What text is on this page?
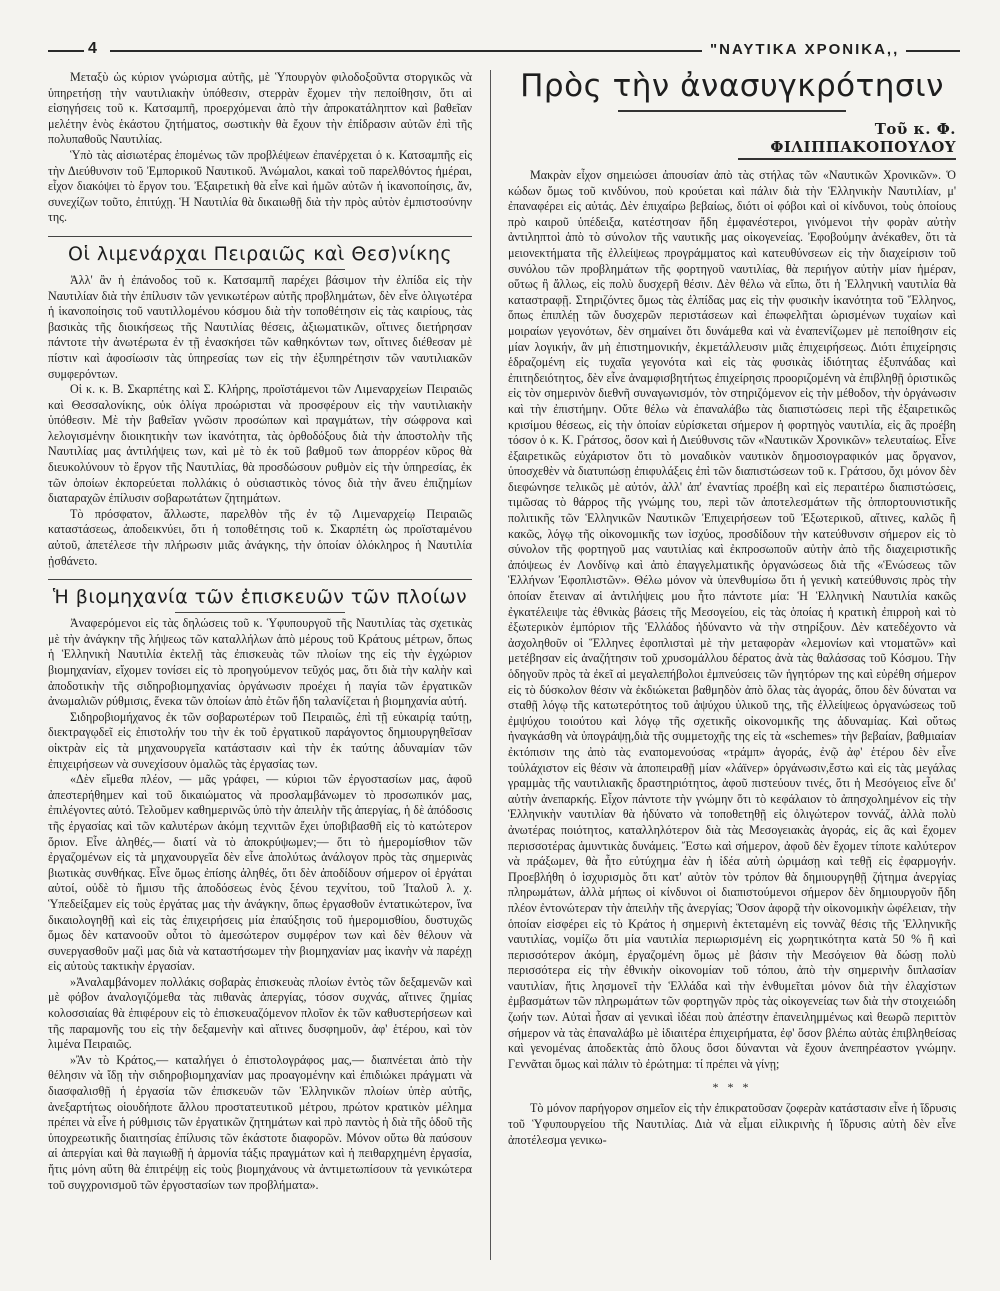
4	"ΝΑΥΤΙΚΑ ΧΡΟΝΙΚΑ,,

Μεταξὺ ὡς κύριον γνώρισμα αὐτῆς, μὲ Ὑπουργὸν φιλοδοξοῦντα στοργικῶς νὰ ὑπηρετήσῃ τὴν ναυτιλιακὴν ὑπόθεσιν, στερρὰν ἔχομεν τὴν πεποίθησιν, ὅτι αἱ εἰσηγήσεις τοῦ κ. Κατσαμπῆ, προερχόμεναι ἀπὸ τὴν ἀπροκατάληπτον καὶ βαθεῖαν μελέτην ἑνὸς ἑκάστου ζητήματος, σωστικὴν θὰ ἔχουν τὴν ἐπίδρασιν αὐτῶν ἐπὶ τῆς πολυπαθοῦς Ναυτιλίας.

Ὑπὸ τὰς αἰσιωτέρας ἑπομένως τῶν προβλέψεων ἐπανέρχεται ὁ κ. Κατσαμπῆς εἰς τὴν Διεύθυνσιν τοῦ Ἐμπορικοῦ Ναυτικοῦ. Ἀνώμαλοι, κακαὶ τοῦ παρελθόντος ἡμέραι, εἶχον διακόψει τὸ ἔργον του. Ἐξαιρετικὴ θὰ εἶνε καὶ ἡμῶν αὐτῶν ἡ ἱκανοποίησις, ἄν, συνεχίζων τοῦτο, ἐπιτύχῃ. Ἡ Ναυτιλία θὰ δικαιωθῇ διὰ τὴν πρὸς αὐτὸν ἐμπιστοσύνην της.

Οἱ λιμενάρχαι Πειραιῶς καὶ Θεσ)νίκης

Ἀλλ' ἂν ἡ ἐπάνοδος τοῦ κ. Κατσαμπῆ παρέχει βάσιμον τὴν ἐλπίδα εἰς τὴν Ναυτιλίαν διὰ τὴν ἐπίλυσιν τῶν γενικωτέρων αὐτῆς προβλημάτων, δὲν εἶνε ὀλιγωτέρα ἡ ἱκανοποίησις τοῦ ναυτιλλομένου κόσμου διὰ τὴν τοποθέτησιν εἰς τὰς καιρίους, τὰς βασικὰς τῆς διοικήσεως τῆς Ναυτιλίας θέσεις, ἀξιωματικῶν, οἵτινες διετήρησαν πάντοτε τὴν ἀνωτέρωτα ἐν τῇ ἐνασκήσει τῶν καθηκόντων των, οἵτινες διέθεσαν μὲ πίστιν καὶ ἀφοσίωσιν τὰς ὑπηρεσίας των εἰς τὴν ἐξυπηρέτησιν τῶν ναυτιλιακῶν συμφερόντων.

Οἱ κ. κ. Β. Σκαρπέτης καὶ Σ. Κλήρης, προϊστάμενοι τῶν Λιμεναρχείων Πειραιῶς καὶ Θεσσαλονίκης, οὐκ ὀλίγα προώρισται νὰ προσφέρουν εἰς τὴν ναυτιλιακὴν ὑπόθεσιν. Μὲ τὴν βαθεῖαν γνῶσιν προσώπων καὶ πραγμάτων, τὴν σώφρονα καὶ λελογισμένην διοικητικὴν των ἱκανότητα, τὰς ὀρθοδόξους διὰ τὴν ἀποστολὴν τῆς Ναυτιλίας μας ἀντιλήψεις των, καὶ μὲ τὸ ἐκ τοῦ βαθμοῦ των ἀπορρέον κῦρος θὰ διευκολύνουν τὸ ἔργον τῆς Ναυτιλίας, θὰ προσδώσουν ρυθμὸν εἰς τὴν ὑπηρεσίας, ἐκ τῶν ὁποίων ἐκπορεύεται πολλάκις ὁ οὐσιαστικὸς τόνος διὰ τὴν ἄνευ ἐπιζημίων διαταραχῶν ἐπίλυσιν σοβαρωτάτων ζητημάτων.

Τὸ πρόσφατον, ἄλλωστε, παρελθὸν τῆς ἐν τῷ Λιμεναρχείῳ Πειραιῶς καταστάσεως, ἀποδεικνύει, ὅτι ἡ τοποθέτησις τοῦ κ. Σκαρπέτη ὡς προϊσταμένου αὐτοῦ, ἀπετέλεσε τὴν πλήρωσιν μιᾶς ἀνάγκης, τὴν ὁποίαν ὁλόκληρος ἡ Ναυτιλία ᾐσθάνετο.

Ἡ βιομηχανία τῶν ἐπισκευῶν τῶν πλοίων

Ἀναφερόμενοι εἰς τὰς δηλώσεις τοῦ κ. Ὑφυπουργοῦ τῆς Ναυτιλίας τὰς σχετικὰς μὲ τὴν ἀνάγκην τῆς λήψεως τῶν καταλλήλων ἀπὸ μέρους τοῦ Κράτους μέτρων, ὅπως ἡ Ἑλληνικὴ Ναυτιλία ἐκτελῇ τὰς ἐπισκευὰς τῶν πλοίων της εἰς τὴν ἐγχώριον βιομηχανίαν, εἴχομεν τονίσει εἰς τὸ προηγούμενον τεῦχός μας, ὅτι διὰ τὴν καλὴν καὶ ἀποδοτικὴν τῆς σιδηροβιομηχανίας ὀργάνωσιν προέχει ἡ παγία τῶν ἐργατικῶν ἀνωμαλιῶν ρύθμισις, ἕνεκα τῶν ὁποίων ἀπὸ ἐτῶν ἤδη ταλανίζεται ἡ βιομηχανία αὐτή.

Σιδηροβιομήχανος ἐκ τῶν σοβαρωτέρων τοῦ Πειραιῶς, ἐπὶ τῇ εὐκαιρίᾳ ταύτῃ, διεκτραγῳδεῖ εἰς ἐπιστολήν του τὴν ἐκ τοῦ ἐργατικοῦ παράγοντος δημιουργηθεῖσαν οἰκτρὰν εἰς τὰ μηχανουργεῖα κατάστασιν καὶ τὴν ἐκ ταύτης ἀδυναμίαν τῶν ἐπιχειρήσεων νὰ συνεχίσουν ὁμαλῶς τὰς ἐργασίας των.

«Δὲν εἴμεθα πλέον, — μᾶς γράφει, — κύριοι τῶν ἐργοστασίων μας, ἀφοῦ ἀπεστερήθημεν καὶ τοῦ δικαιώματος νὰ προσλαμβάνωμεν τὸ προσωπικόν μας, ἐπιλέγοντες αὐτό. Τελοῦμεν καθημερινῶς ὑπὸ τὴν ἀπειλὴν τῆς ἀπεργίας, ἡ δὲ ἀπόδοσις τῆς ἐργασίας καὶ τῶν καλυτέρων ἀκόμη τεχνιτῶν ἔχει ὑποβιβασθῆ εἰς τὸ κατώτερον ὅριον. Εἶνε ἀληθές,— διατί νὰ τὸ ἀποκρύψωμεν;— ὅτι τὸ ἡμερομίσθιον τῶν ἐργαζομένων εἰς τὰ μηχανουργεῖα δὲν εἶνε ἀπολύτως ἀνάλογον πρὸς τὰς σημερινὰς βιωτικὰς συνθήκας. Εἶνε ὅμως ἐπίσης ἀληθές, ὅτι δὲν ἀποδίδουν σήμερον οἱ ἐργάται αὐτοί, οὐδὲ τὸ ἥμισυ τῆς ἀποδόσεως ἑνὸς ξένου τεχνίτου, τοῦ Ἰταλοῦ λ. χ. Ὑπεδείξαμεν εἰς τοὺς ἐργάτας μας τὴν ἀνάγκην, ὅπως ἐργασθοῦν ἐντατικώτερον, ἵνα δικαιολογηθῇ καὶ εἰς τὰς ἐπιχειρήσεις μία ἐπαύξησις τοῦ ἡμερομισθίου, δυστυχῶς ὅμως δὲν κατανοοῦν οὗτοι τὸ ἀμεσώτερον συμφέρον των καὶ δὲν θέλουν νὰ συνεργασθοῦν μαζὶ μας διὰ νὰ καταστήσωμεν τὴν βιομηχανίαν μας ἱκανὴν νὰ παρέχῃ εἰς αὐτοὺς τακτικὴν ἐργασίαν.

»Ἀναλαμβάνομεν πολλάκις σοβαρὰς ἐπισκευὰς πλοίων ἐντὸς τῶν δεξαμενῶν καὶ μὲ φόβον ἀναλογιζόμεθα τὰς πιθανὰς ἀπεργίας, τόσον συχνάς, αἵτινες ζημίας κολοσσιαίας θὰ ἐπιφέρουν εἰς τὸ ἐπισκευαζόμενον πλοῖον ἐκ τῶν καθυστερήσεων καὶ τῆς παραμονῆς του εἰς τὴν δεξαμενὴν καὶ αἵτινες δυσφημοῦν, ἀφ' ἑτέρου, καὶ τὸν λιμένα Πειραιῶς.

»Ἂν τὸ Κράτος,— καταλήγει ὁ ἐπιστολογράφος μας,— διαπνέεται ἀπὸ τὴν θέλησιν νὰ ἴδῃ τὴν σιδηροβιομηχανίαν μας προαγομένην καὶ ἐπιδιώκει πράγματι νὰ διασφαλισθῇ ἡ ἐργασία τῶν ἐπισκευῶν τῶν Ἑλληνικῶν πλοίων ὑπὲρ αὐτῆς, ἀνεξαρτήτως οἱουδήποτε ἄλλου προστατευτικοῦ μέτρου, πρώτον κρατικὸν μέλημα πρέπει νὰ εἶνε ἡ ρύθμισις τῶν ἐργατικῶν ζητημάτων καὶ πρὸ παντὸς ἡ διὰ τῆς ὁδοῦ τῆς ὑποχρεωτικῆς διαιτησίας ἐπίλυσις τῶν ἑκάστοτε διαφορῶν. Μόνον οὕτω θὰ παύσουν αἱ ἀπεργίαι καὶ θὰ παγιωθῇ ἡ ἀρμονία τάξις πραγμάτων καὶ ἡ πειθαρχημένη ἐργασία, ἥτις μόνη αὕτη θὰ ἐπιτρέψῃ εἰς τοὺς βιομηχάνους νὰ ἀντιμετωπίσουν τὰ γενικώτερα τοῦ συγχρονισμοῦ τῶν ἐργοστασίων των προβλήματα».

Πρὸς τὴν ἀνασυγκρότησιν
Τοῦ κ. Φ. ΦΙΛΙΠΠΑΚΟΠΟΥΛΟΥ

Μακρὰν εἶχον σημειώσει ἀπουσίαν ἀπὸ τὰς στήλας τῶν «Ναυτικῶν Χρονικῶν». Ὁ κώδων ὅμως τοῦ κινδύνου, ποὺ κρούεται καὶ πάλιν διὰ τὴν Ἑλληνικὴν Ναυτιλίαν, μ' ἐπαναφέρει εἰς αὐτάς. Δὲν ἐπιχαίρω βεβαίως, διότι οἱ φόβοι καὶ οἱ κίνδυνοι, τοὺς ὁποίους πρὸ καιροῦ ὑπέδειξα, κατέστησαν ἤδη ἐμφανέστεροι, γινόμενοι τὴν φορὰν αὐτὴν ἀντιληπτοὶ ἀπὸ τὸ σύνολον τῆς ναυτικῆς μας οἰκογενείας. Ἐφοβούμην ἀνέκαθεν, ὅτι τὰ μειονεκτήματα τῆς ἐλλείψεως προγράμματος καὶ κατευθύνσεων εἰς τὴν διαχείρισιν τοῦ συνόλου τῶν προβλημάτων τῆς φορτηγοῦ ναυτιλίας, θὰ περιήγον αὐτὴν μίαν ἡμέραν, οὕτως ἢ ἄλλως, εἰς πολὺ δυσχερῆ θέσιν. Δὲν θέλω νὰ εἴπω, ὅτι ἡ Ἑλληνικὴ ναυτιλία θὰ καταστραφῇ. Στηριζόντες ὅμως τὰς ἐλπίδας μας εἰς τὴν φυσικὴν ἱκανότητα τοῦ Ἕλληνος, ὅπως ἐπιπλέῃ τῶν δυσχερῶν περιστάσεων καὶ ἐπωφελῆται ὡρισμένων τυχαίων καὶ μοιραίων γεγονότων, δὲν σημαίνει ὅτι δυνάμεθα καὶ νὰ ἐναπεvίζωμεν μὲ πεποίθησιν εἰς μίαν λογικήν, ἂν μὴ ἐπιστημονικήν, ἐκμετάλλευσιν μιᾶς ἐπιχειρήσεως. Διότι ἐπιχείρησις ἑδραζομένη εἰς τυχαῖα γεγονότα καὶ εἰς τὰς φυσικὰς ἰδιότητας ἐξυπνάδας καὶ ἐπιτηδειότητος, δὲν εἶνε ἀναμφισβητήτως ἐπιχείρησις προοριζομένη νὰ ἐπιβληθῇ ὁριστικῶς εἰς τὸν σημερινὸν διεθνῆ συναγωνισμόν, τὸν στηριζόμενον εἰς τὴν μέθοδον, τὴν ὀργάνωσιν καὶ τὴν ἐπιστήμην. Οὔτε θέλω νὰ ἐπαναλάβω τὰς διαπιστώσεις περὶ τῆς ἐξαιρετικῶς κρισίμου θέσεως, εἰς τὴν ὁποίαν εὑρίσκεται σήμερον ἡ φορτηγὸς ναυτιλία, εἰς ἃς προέβη τόσον ὁ κ. Κ. Γράτσος, ὅσον καὶ ἡ Διεύθυνσις τῶν «Ναυτικῶν Χρονικῶν» τελευταίως. Εἶνε ἐξαιρετικῶς εὐχάριστον ὅτι τὸ μοναδικὸν ναυτικὸν δημοσιογραφικόν μας ὄργανον, ὑποσχεθὲν νὰ διατυπώσῃ ἐπιφυλάξεις ἐπὶ τῶν διαπιστώσεων τοῦ κ. Γράτσου, ὄχι μόνον δὲν διεφώνησε τελικῶς μὲ αὐτόν, ἀλλ' ἀπ' ἐναντίας προέβη καὶ εἰς περαιτέρω διαπιστώσεις, τιμῶσας τὸ θάρρος τῆς γνώμης του, περὶ τῶν ἀποτελεσμάτων τῆς ὀππορτουνιστικῆς πολιτικῆς τῶν Ἑλληνικῶν Ναυτικῶν Ἐπιχειρήσεων τοῦ Ἐξωτερικοῦ, αἵτινες, καλῶς ἢ κακῶς, λόγῳ τῆς οἰκονομικῆς των ἰσχύος, προσδίδουν τὴν κατεύθυνσιν σήμερον εἰς τὸ σύνολον τῆς φορτηγοῦ μας ναυτιλίας καὶ ἐκπροσωποῦν αὐτὴν ἀπὸ τῆς διαχειριστικῆς ἀπόψεως ἐν Λονδίνῳ καὶ ἀπὸ ἐπαγγελματικῆς ὀργανώσεως διὰ τῆς «Ἑνώσεως τῶν Ἑλλήνων Ἐφοπλιστῶν». Θέλω μόνον νὰ ὑπενθυμίσω ὅτι ἡ γενικὴ κατεύθυνσις πρὸς τὴν ὁποίαν ἔτειναν αἱ ἀντιλήψεις μου ἦτο πάντοτε μία: Ἡ Ἑλληνικὴ Ναυτιλία κακῶς ἐγκατέλειψε τὰς ἐθνικὰς βάσεις τῆς Μεσογείου, εἰς τὰς ὁποίας ἡ κρατικὴ ἐπιρροὴ καὶ τὸ ἐξωτερικὸν ἐμπόριον τῆς Ἑλλάδος ἠδύναντο νὰ τὴν στηρίξουν. Δὲν κατεδέχοντο νὰ ἀσχοληθοῦν οἱ Ἕλληνες ἐφοπλισταὶ μὲ τὴν μεταφορὰν «λεμονίων καὶ ντοματῶν» καὶ μετέβησαν εἰς ἀναζήτησιν τοῦ χρυσομάλλου δέρατος ἀνὰ τὰς θαλάσσας τοῦ Κόσμου. Τὴν ὁδηγοῦν πρὸς τὰ ἐκεῖ αἱ μεγαλεπήβολοι ἐμπνεύσεις τῶν ἡγητόρων της καὶ εὑρέθη σήμερον εἰς τὸ δύσκολον θέσιν νὰ ἐκδιώκεται βαθμηδὸν ἀπὸ ὅλας τὰς ἀγοράς, ὅπου δὲν δύναται να σταθῇ λόγῳ τῆς κατωτερότητος τοῦ ἀψύχου ὑλικοῦ της, τῆς ἐλλείψεως ὀργανώσεως τοῦ ἐμψύχου τοιούτου καὶ λόγῳ τῆς σχετικῆς οἰκονομικῆς της ἀδυναμίας. Καὶ οὕτως ἠναγκάσθη νὰ ὑπογράψῃ,διὰ τῆς συμμετοχῆς της εἰς τὰ «schemes» τὴν βεβαίαν, βαθμιαίαν ἐκτόπισιν της ἀπὸ τὰς εναπομενούσας «τράμπ» ἀγοράς, ἐνῷ ἀφ' ἑτέρου δὲν εἶνε τοὐλάχιστον εἰς θέσιν νὰ ἀποπειραθῇ μίαν «λάϊνερ» ὀργάνωσιν,ἔστω καὶ εἰς τὰς μεγάλας γραμμὰς τῆς ναυτιλιακῆς δραστηριότητος, ἀφοῦ πιστεύουν τινές, ὅτι ἡ Μεσόγειος εἶνε δι' αὐτὴν ἀνεπαρκής. Εἶχον πάντοτε τὴν γνώμην ὅτι τὸ κεφάλαιον τὸ ἀπησχολημένον εἰς τὴν Ἑλληνικὴν ναυτιλίαν θὰ ἠδύνατο νὰ τοποθετηθῇ εἰς ὀλιγώτερον τοννάζ, ἀλλὰ πολὺ ἀνωτέρας ποιότητος, καταλληλότερον διὰ τὰς Μεσογειακὰς ἀγοράς, εἰς ἃς καὶ ἔχομεν περισσοτέρας ἀμυντικὰς δυνάμεις. Ἔστω καὶ σήμερον, ἀφοῦ δὲν ἔχομεν τίποτε καλύτερον νὰ πράξωμεν, θὰ ἦτο εὐτύχημα ἐὰν ἡ ἰδέα αὐτὴ ὡριμάσῃ καὶ τεθῇ εἰς ἐφαρμογήν. Προεβλήθη ὁ ἰσχυρισμὸς ὅτι κατ' αὐτὸν τὸν τρόπον θὰ δημιουργηθῇ ζήτημα ἀνεργίας πληρωμάτων, ἀλλὰ μήπως οἱ κίνδυνοι οἱ διαπιστούμενοι σήμερον δὲν δημιουργοῦν ἤδη πλέον ἐντονώτεραν τὴν ἀπειλὴν τῆς ἀνεργίας; Ὅσον ἀφορᾷ τὴν οἰκονομικὴν ὠφέλειαν, τὴν ὁποίαν εἰσφέρει εἰς τὸ Κράτος ἡ σημερινὴ ἐκτεταμένη εἰς τοννὰζ θέσις τῆς Ἑλληνικῆς ναυτιλίας, νομίζω ὅτι μία ναυτιλία περιωρισμένη εἰς χωρητικότητα κατὰ 50 % ἢ καὶ περισσότερον ἀκόμη, ἐργαζομένη ὅμως μὲ βάσιν τὴν Μεσόγειον θὰ δώσῃ πολὺ περισσότερα εἰς τὴν ἐθνικὴν οἰκονομίαν τοῦ τόπου, ἀπὸ τὴν σημερινὴν διπλασίαν ναυτιλίαν, ἥτις λησμονεῖ τὴν Ἑλλάδα καὶ τὴν ἐνθυμεῖται μόνον διὰ τὴν ἐλαχίστων ἐμβασμάτων τῶν πληρωμάτων τῶν φορτηγῶν πρὸς τὰς οἰκογενείας των διὰ τὴν στοιχειώδη ζωήν των. Αὐταὶ ἦσαν αἱ γενικαὶ ἰδέαι ποὺ ἀπέστην ἐπανειλημμένως καὶ θεωρῶ περιττὸν σήμερον νὰ τὰς ἐπαναλάβω μὲ ἰδιαιτέρα ἐπιχειρήματα, ἐφ' ὅσον βλέπω αὐτὰς ἐπιβληθείσας καὶ γενομένας ἀποδεκτὰς ἀπὸ ὅλους ὅσοι δύνανται νὰ ἔχουν ἀνεπηρέαστον γνώμην. Γεννᾶται ὅμως καὶ πάλιν τὸ ἐρώτημα: τί πρέπει νὰ γίνῃ;

* * *

Τὸ μόνον παρήγορον σημεῖον εἰς τὴν ἐπικρατοῦσαν ζοφερὰν κατάστασιν εἶνε ἡ ἵδρυσις τοῦ Ὑφυπουργείου τῆς Ναυτιλίας. Διὰ νὰ εἶμαι εἰλικρινὴς ἡ ἵδρυσις αὐτὴ δὲν εἶνε ἀποτέλεσμα γενικω-
